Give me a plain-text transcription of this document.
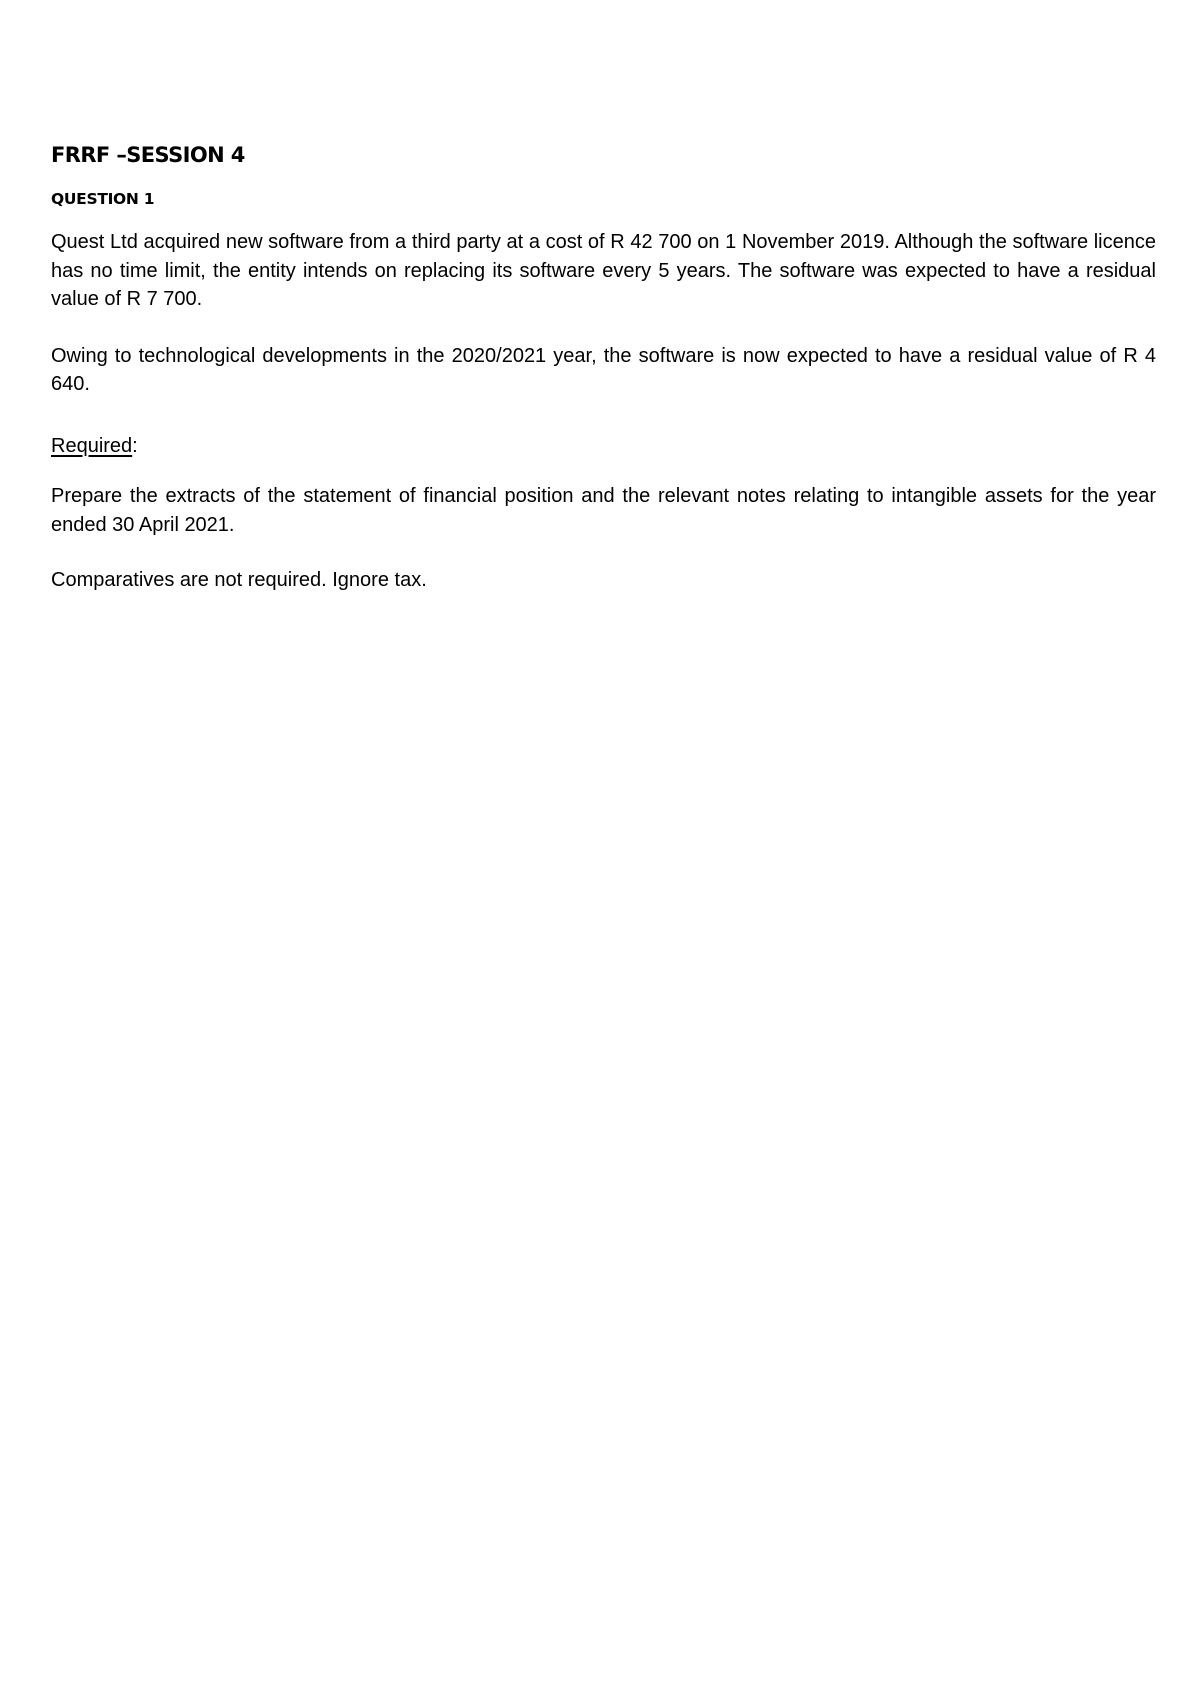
FRRF –SESSION 4
QUESTION 1

Quest Ltd acquired new software from a third party at a cost of R 42 700 on 1 November 2019. Although the software licence has no time limit, the entity intends on replacing its software every 5 years. The software was expected to have a residual value of R 7 700.

Owing to technological developments in the 2020/2021 year, the software is now expected to have a residual value of R 4 640.

Required:

Prepare the extracts of the statement of financial position and the relevant notes relating to intangible assets for the year ended 30 April 2021.

Comparatives are not required. Ignore tax.
